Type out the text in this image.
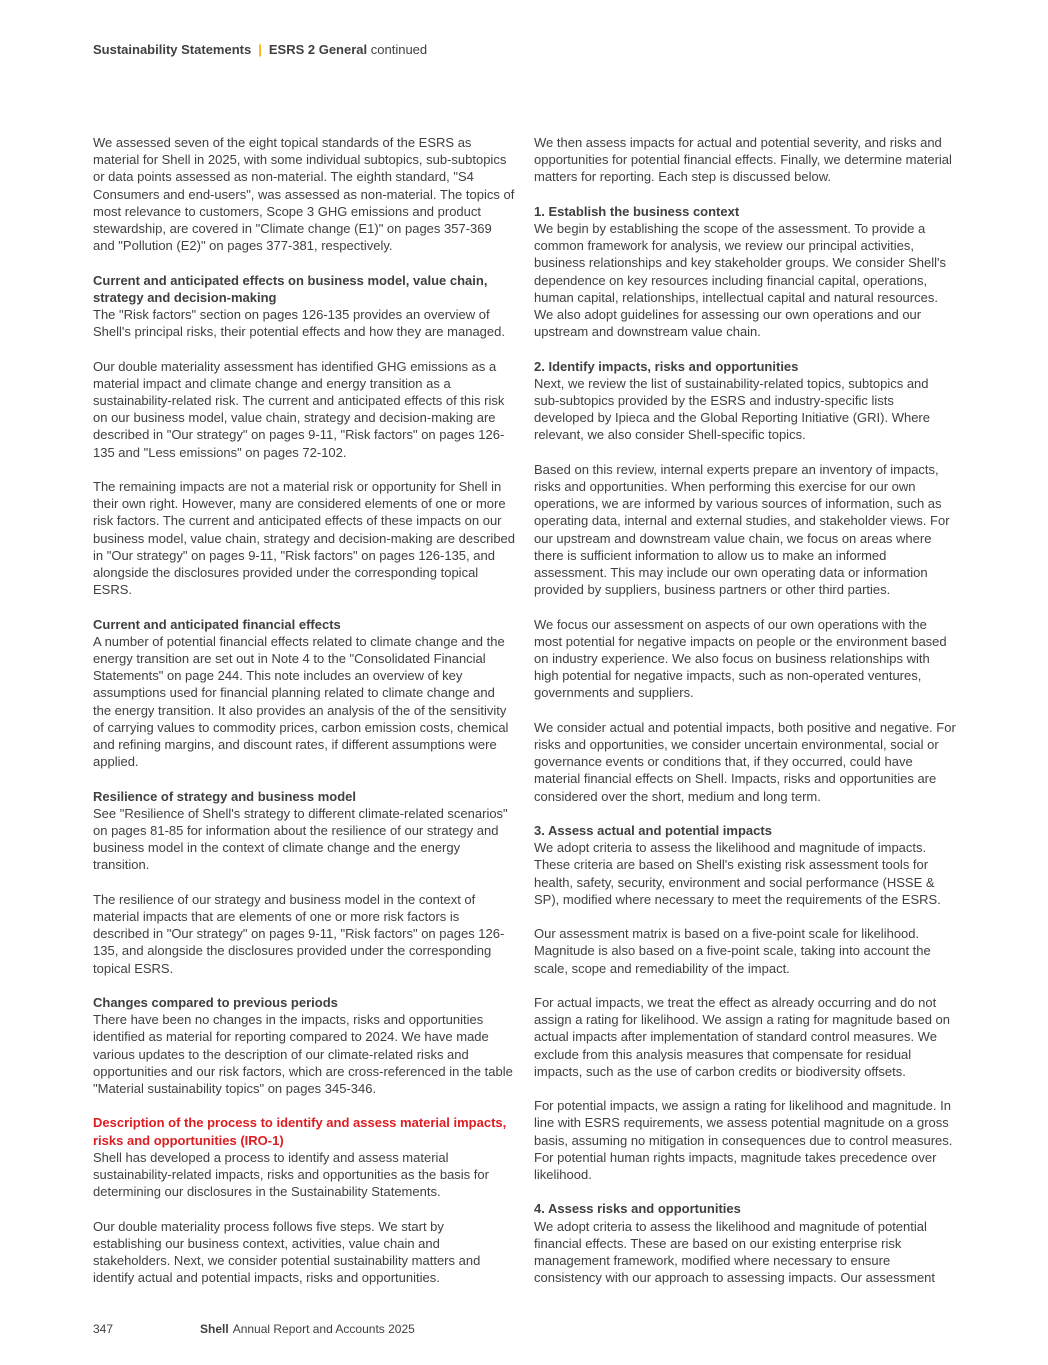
Sustainability Statements | ESRS 2 General continued

We assessed seven of the eight topical standards of the ESRS as material for Shell in 2025, with some individual subtopics, sub-subtopics or data points assessed as non-material. The eighth standard, "S4 Consumers and end-users", was assessed as non-material. The topics of most relevance to customers, Scope 3 GHG emissions and product stewardship, are covered in "Climate change (E1)" on pages 357-369 and "Pollution (E2)" on pages 377-381, respectively.

Current and anticipated effects on business model, value chain, strategy and decision-making

The "Risk factors" section on pages 126-135 provides an overview of Shell's principal risks, their potential effects and how they are managed.

Our double materiality assessment has identified GHG emissions as a material impact and climate change and energy transition as a sustainability-related risk. The current and anticipated effects of this risk on our business model, value chain, strategy and decision-making are described in "Our strategy" on pages 9-11, "Risk factors" on pages 126-135 and "Less emissions" on pages 72-102.

The remaining impacts are not a material risk or opportunity for Shell in their own right. However, many are considered elements of one or more risk factors. The current and anticipated effects of these impacts on our business model, value chain, strategy and decision-making are described in "Our strategy" on pages 9-11, "Risk factors" on pages 126-135, and alongside the disclosures provided under the corresponding topical ESRS.

Current and anticipated financial effects

A number of potential financial effects related to climate change and the energy transition are set out in Note 4 to the "Consolidated Financial Statements" on page 244. This note includes an overview of key assumptions used for financial planning related to climate change and the energy transition. It also provides an analysis of the of the sensitivity of carrying values to commodity prices, carbon emission costs, chemical and refining margins, and discount rates, if different assumptions were applied.

Resilience of strategy and business model

See "Resilience of Shell's strategy to different climate-related scenarios" on pages 81-85 for information about the resilience of our strategy and business model in the context of climate change and the energy transition.

The resilience of our strategy and business model in the context of material impacts that are elements of one or more risk factors is described in "Our strategy" on pages 9-11, "Risk factors" on pages 126-135, and alongside the disclosures provided under the corresponding topical ESRS.

Changes compared to previous periods

There have been no changes in the impacts, risks and opportunities identified as material for reporting compared to 2024. We have made various updates to the description of our climate-related risks and opportunities and our risk factors, which are cross-referenced in the table "Material sustainability topics" on pages 345-346.

Description of the process to identify and assess material impacts, risks and opportunities (IRO-1)

Shell has developed a process to identify and assess material sustainability-related impacts, risks and opportunities as the basis for determining our disclosures in the Sustainability Statements.

Our double materiality process follows five steps. We start by establishing our business context, activities, value chain and stakeholders. Next, we consider potential sustainability matters and identify actual and potential impacts, risks and opportunities.

We then assess impacts for actual and potential severity, and risks and opportunities for potential financial effects. Finally, we determine material matters for reporting. Each step is discussed below.

1. Establish the business context

We begin by establishing the scope of the assessment. To provide a common framework for analysis, we review our principal activities, business relationships and key stakeholder groups. We consider Shell's dependence on key resources including financial capital, operations, human capital, relationships, intellectual capital and natural resources. We also adopt guidelines for assessing our own operations and our upstream and downstream value chain.

2. Identify impacts, risks and opportunities

Next, we review the list of sustainability-related topics, subtopics and sub-subtopics provided by the ESRS and industry-specific lists developed by Ipieca and the Global Reporting Initiative (GRI). Where relevant, we also consider Shell-specific topics.

Based on this review, internal experts prepare an inventory of impacts, risks and opportunities. When performing this exercise for our own operations, we are informed by various sources of information, such as operating data, internal and external studies, and stakeholder views. For our upstream and downstream value chain, we focus on areas where there is sufficient information to allow us to make an informed assessment. This may include our own operating data or information provided by suppliers, business partners or other third parties.

We focus our assessment on aspects of our own operations with the most potential for negative impacts on people or the environment based on industry experience. We also focus on business relationships with high potential for negative impacts, such as non-operated ventures, governments and suppliers.

We consider actual and potential impacts, both positive and negative. For risks and opportunities, we consider uncertain environmental, social or governance events or conditions that, if they occurred, could have material financial effects on Shell. Impacts, risks and opportunities are considered over the short, medium and long term.

3. Assess actual and potential impacts

We adopt criteria to assess the likelihood and magnitude of impacts. These criteria are based on Shell's existing risk assessment tools for health, safety, security, environment and social performance (HSSE & SP), modified where necessary to meet the requirements of the ESRS.

Our assessment matrix is based on a five-point scale for likelihood. Magnitude is also based on a five-point scale, taking into account the scale, scope and remediability of the impact.

For actual impacts, we treat the effect as already occurring and do not assign a rating for likelihood. We assign a rating for magnitude based on actual impacts after implementation of standard control measures. We exclude from this analysis measures that compensate for residual impacts, such as the use of carbon credits or biodiversity offsets.

For potential impacts, we assign a rating for likelihood and magnitude. In line with ESRS requirements, we assess potential magnitude on a gross basis, assuming no mitigation in consequences due to control measures. For potential human rights impacts, magnitude takes precedence over likelihood.

4. Assess risks and opportunities

We adopt criteria to assess the likelihood and magnitude of potential financial effects. These are based on our existing enterprise risk management framework, modified where necessary to ensure consistency with our approach to assessing impacts. Our assessment

347	Shell Annual Report and Accounts 2025
